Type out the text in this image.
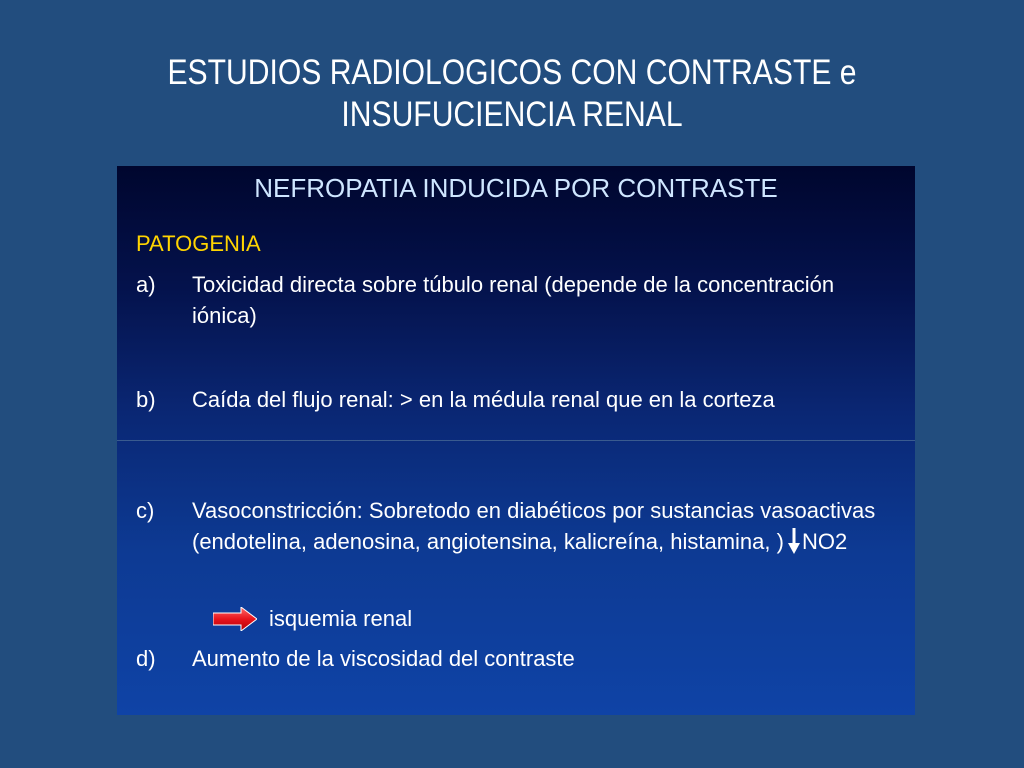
ESTUDIOS RADIOLOGICOS CON CONTRASTE e
INSUFUCIENCIA RENAL
NEFROPATIA INDUCIDA POR CONTRASTE
PATOGENIA
a) Toxicidad directa sobre túbulo renal (depende de la concentración iónica)
b) Caída del flujo renal: > en la médula renal que en la corteza
c) Vasoconstricción: Sobretodo en diabéticos por sustancias vasoactivas (endotelina, adenosina, angiotensina, kalicreína, histamina, ) NO2
isquemia renal
d) Aumento de la viscosidad del contraste
